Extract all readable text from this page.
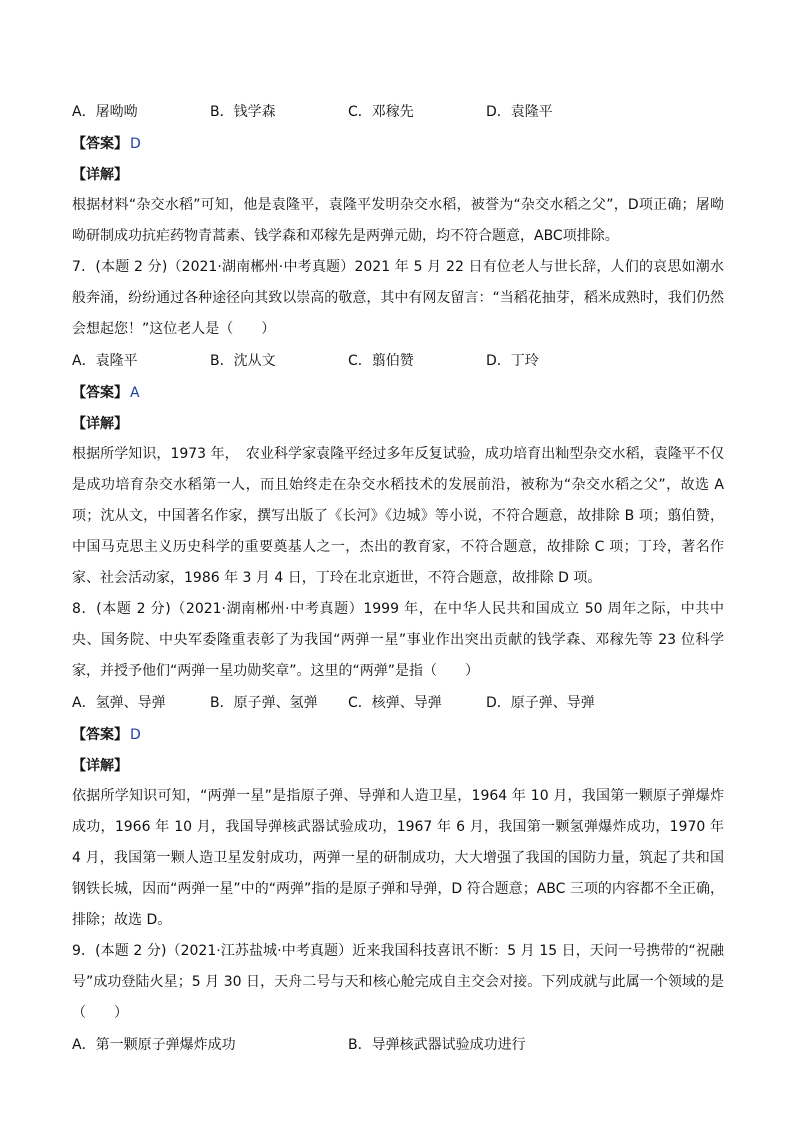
A．屠呦呦	B．钱学森	C．邓稼先	D．袁隆平
【答案】 D
【详解】
根据材料“杂交水稻”可知，他是袁隆平，袁隆平发明杂交水稻，被誉为“杂交水稻之父”，D项正确；屠呦呦研制成功抗疟药物青蒿素、钱学森和邓稼先是两弹元勋，均不符合题意，ABC项排除。
7．(本题 2 分)（2021·湖南郴州·中考真题）2021 年 5 月 22 日有位老人与世长辞，人们的哀思如潮水般奔涌，纷纷通过各种途径向其致以崇高的敬意，其中有网友留言：“当稻花抽芽，稻米成熟时，我们仍然会想起您！”这位老人是（　　）
A．袁隆平	B．沈从文	C．翦伯赞	D．丁玲
【答案】 A
【详解】
根据所学知识，1973 年，　农业科学家袁隆平经过多年反复试验，成功培育出籼型杂交水稻，袁隆平不仅是成功培育杂交水稻第一人，而且始终走在杂交水稻技术的发展前沿，被称为“杂交水稻之父”，故选 A 项；沈从文，中国著名作家，撰写出版了《长河》《边城》等小说，不符合题意，故排除 B 项；翦伯赞，中国马克思主义历史科学的重要奠基人之一，杰出的教育家，不符合题意，故排除 C 项；丁玲，著名作家、社会活动家，1986 年 3 月 4 日，丁玲在北京逝世，不符合题意，故排除 D 项。
8．(本题 2 分)（2021·湖南郴州·中考真题）1999 年，在中华人民共和国成立 50 周年之际，中共中央、国务院、中央军委隆重表彰了为我国“两弹一星”事业作出突出贡献的钱学森、邓稼先等 23 位科学家，并授予他们“两弹一星功勋奖章”。这里的“两弹”是指（　　）
A．氢弹、导弹	B．原子弹、氢弹	C．核弹、导弹	D．原子弹、导弹
【答案】 D
【详解】
依据所学知识可知，“两弹一星”是指原子弹、导弹和人造卫星，1964 年 10 月，我国第一颗原子弹爆炸成功，1966 年 10 月，我国导弹核武器试验成功，1967 年 6 月，我国第一颗氢弹爆炸成功，1970 年 4 月，我国第一颗人造卫星发射成功，两弹一星的研制成功，大大增强了我国的国防力量，筑起了共和国钢铁长城，因而“两弹一星”中的“两弹”指的是原子弹和导弹，D 符合题意；ABC 三项的内容都不全正确，排除；故选 D。
9．(本题 2 分)（2021·江苏盐城·中考真题）近来我国科技喜讯不断：5 月 15 日，天问一号携带的“祝融号”成功登陆火星；5 月 30 日，天舟二号与天和核心舱完成自主交会对接。下列成就与此属一个领域的是（　　）
A．第一颗原子弹爆炸成功	B．导弹核武器试验成功进行
